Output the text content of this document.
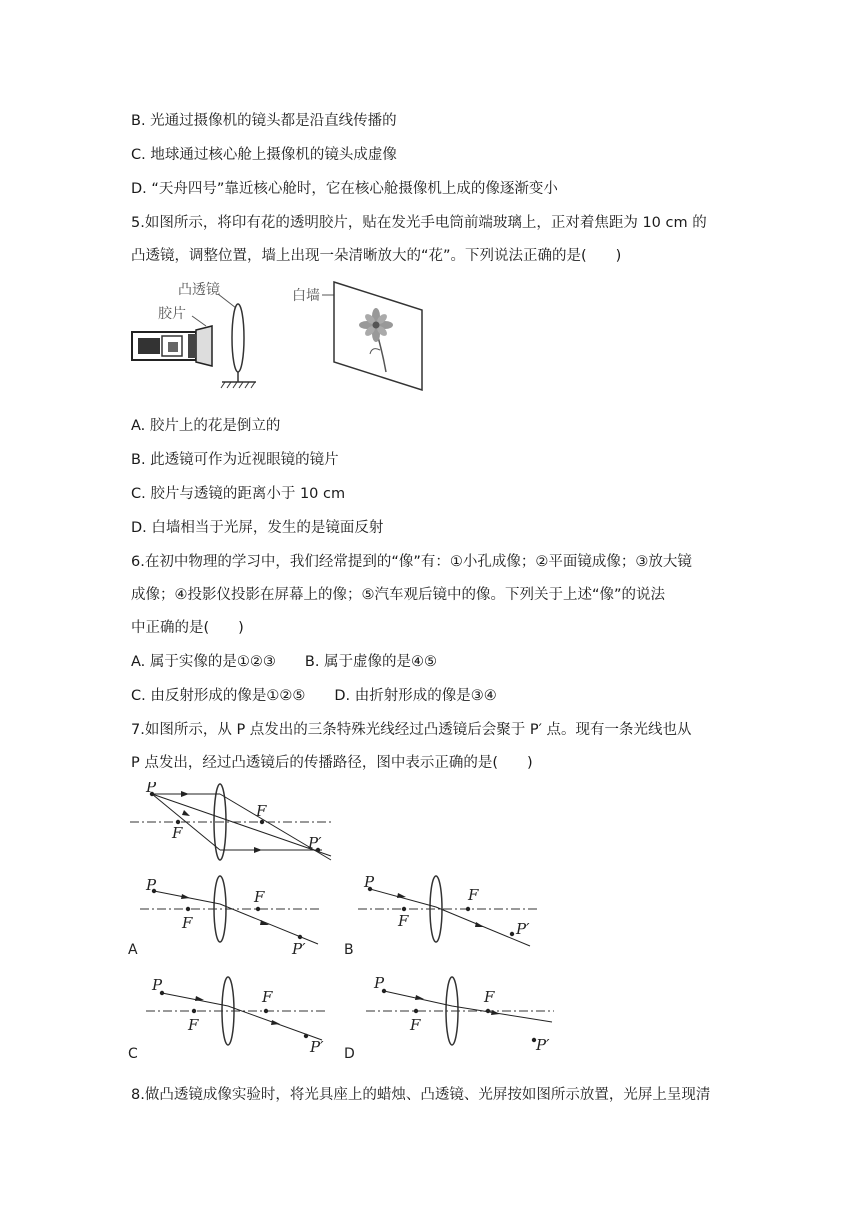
B. 光通过摄像机的镜头都是沿直线传播的
C. 地球通过核心舱上摄像机的镜头成虚像
D. “天舟四号”靠近核心舱时，它在核心舱摄像机上成的像逐渐变小
5.如图所示，将印有花的透明胶片，贴在发光手电筒前端玻璃上，正对着焦距为 10 cm 的
凸透镜，调整位置，墙上出现一朵清晰放大的“花”。下列说法正确的是(　　)
凸透镜
胶片
白墙
A. 胶片上的花是倒立的
B. 此透镜可作为近视眼镜的镜片
C. 胶片与透镜的距离小于 10 cm
D. 白墙相当于光屏，发生的是镜面反射
6.在初中物理的学习中，我们经常提到的“像”有：①小孔成像；②平面镜成像；③放大镜
成像；④投影仪投影在屏幕上的像；⑤汽车观后镜中的像。下列关于上述“像”的说法
中正确的是(　　)
A. 属于实像的是①②③　　B. 属于虚像的是④⑤
C. 由反射形成的像是①②⑤　　D. 由折射形成的像是③④
7.如图所示，从 P 点发出的三条特殊光线经过凸透镜后会聚于 P′ 点。现有一条光线也从
P 点发出，经过凸透镜后的传播路径，图中表示正确的是(　　)
P
F
F
P′
P
F
F
P′
A
P
F
F
P′
B
P
F
F
P′
C
P
F
F
P′
D
8.做凸透镜成像实验时，将光具座上的蜡烛、凸透镜、光屏按如图所示放置，光屏上呈现清
